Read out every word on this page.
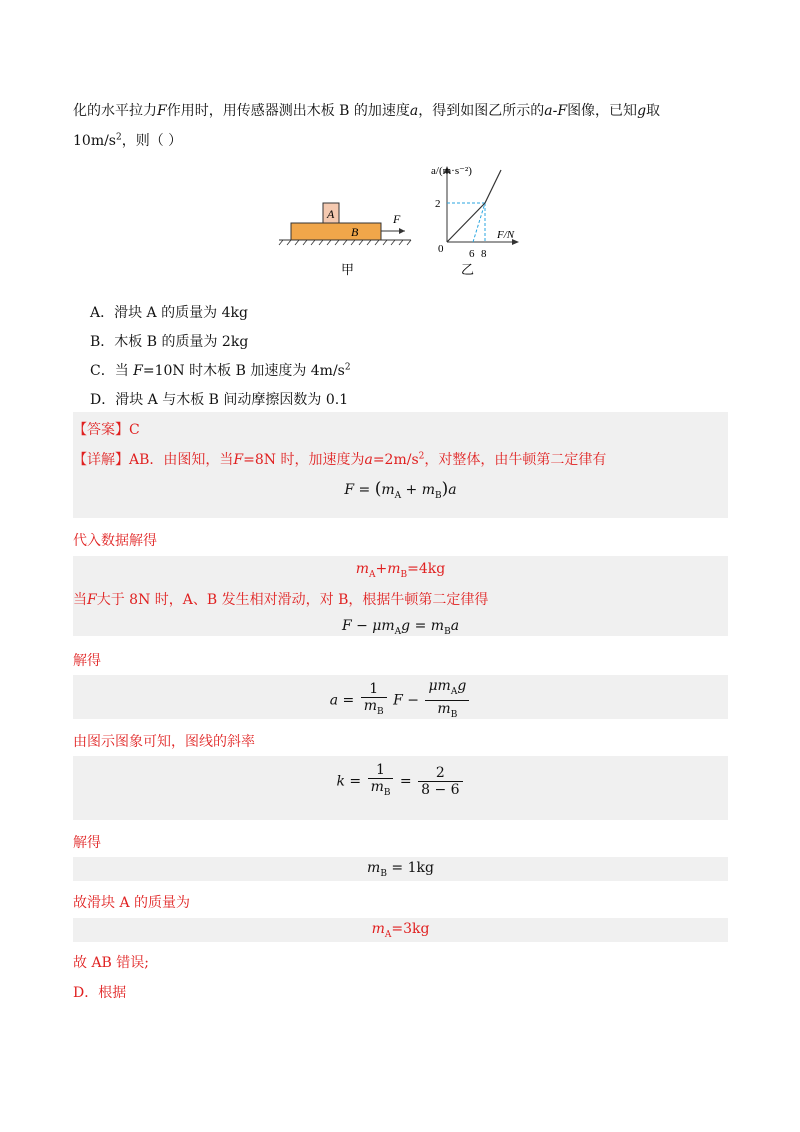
化的水平拉力F作用时，用传感器测出木板 B 的加速度a，得到如图乙所示的a-F图像，已知g取
$10m/s^2$，则（ ）
A
B
F
甲
a/(m·s⁻²)
F/N
2
0 6 8
乙
A．滑块 A 的质量为 4kg
B．木板 B 的质量为 2kg
C．当 F=10N 时木板 B 加速度为 $4m/s^2$
D．滑块 A 与木板 B 间动摩擦因数为 0.1
【答案】C
【详解】AB．由图知，当F=8N 时，加速度为$a=2m/s^2$，对整体，由牛顿第二定律有
$F = (m_A + m_B)a$
代入数据解得
$m_A+m_B=4kg$
当F大于 8N 时，A、B 发生相对滑动，对 B，根据牛顿第二定律得
$F - \mu m_Ag = m_Ba$
解得
$a = \frac{1}{m_B}$ $F - \frac{\mu m_Ag}{m_B}$
由图示图象可知，图线的斜率
$k = \frac{1}{m_B} = \frac{2}{8 - 6}$
解得
$m_B = 1kg$
故滑块 A 的质量为
$m_A=3kg$
故 AB 错误;
D．根据
